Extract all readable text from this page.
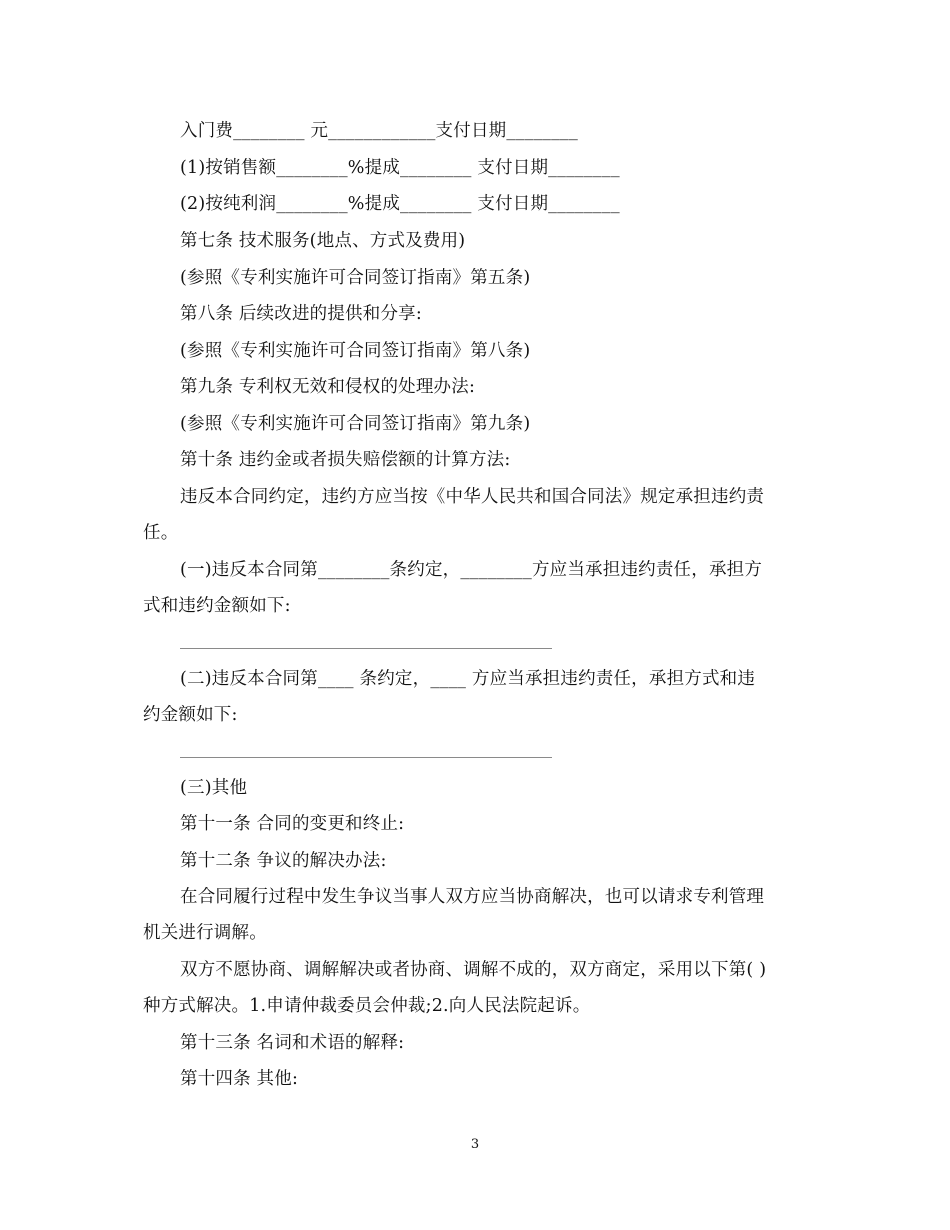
入门费________ 元____________支付日期________
(1)按销售额________%提成________ 支付日期________
(2)按纯利润________%提成________ 支付日期________
第七条 技术服务(地点、方式及费用)
(参照《专利实施许可合同签订指南》第五条)
第八条 后续改进的提供和分享:
(参照《专利实施许可合同签订指南》第八条)
第九条 专利权无效和侵权的处理办法:
(参照《专利实施许可合同签订指南》第九条)
第十条 违约金或者损失赔偿额的计算方法:
违反本合同约定，违约方应当按《中华人民共和国合同法》规定承担违约责
任。
(一)违反本合同第________条约定，________方应当承担违约责任，承担方
式和违约金额如下:
(二)违反本合同第____ 条约定，____ 方应当承担违约责任，承担方式和违
约金额如下:
(三)其他
第十一条 合同的变更和终止:
第十二条 争议的解决办法:
在合同履行过程中发生争议当事人双方应当协商解决，也可以请求专利管理
机关进行调解。
双方不愿协商、调解解决或者协商、调解不成的，双方商定，采用以下第( )
种方式解决。1.申请仲裁委员会仲裁;2.向人民法院起诉。
第十三条 名词和术语的解释:
第十四条 其他:
3
